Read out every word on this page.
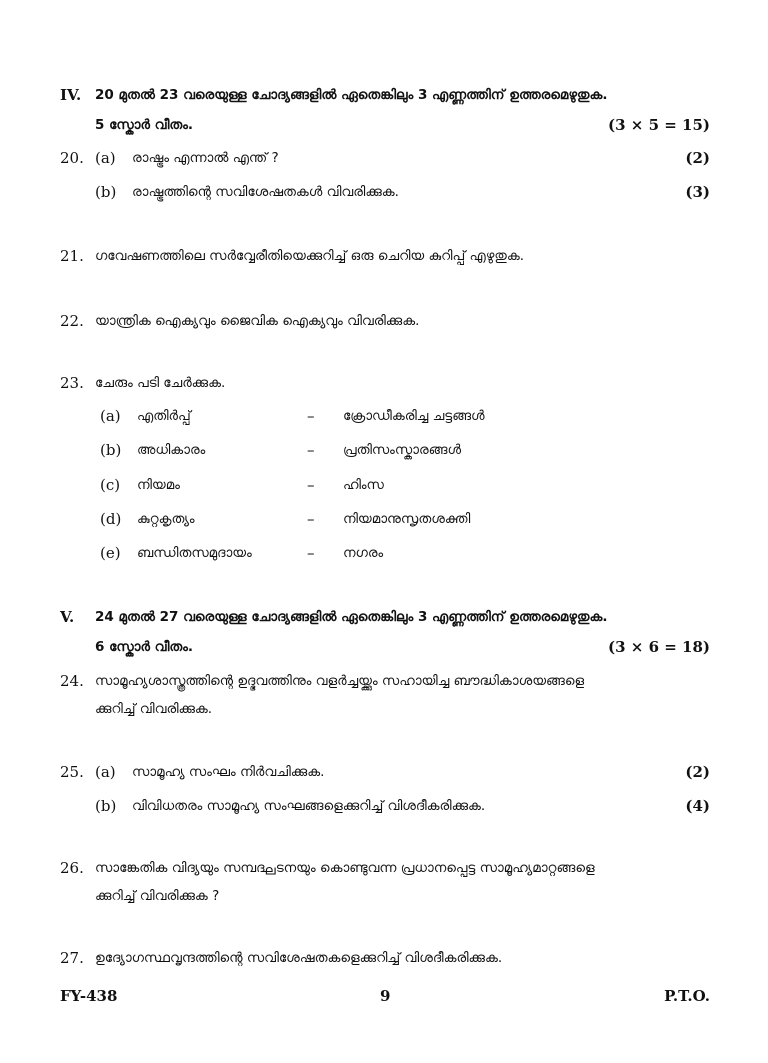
IV. 20 മുതൽ 23 വരെയുള്ള ചോദ്യങ്ങളിൽ ഏതെങ്കിലും 3 എണ്ണത്തിന് ഉത്തരമെഴുതുക.
5 സ്കോർ വീതം.	(3 × 5 = 15)
20. (a) രാഷ്ട്രം എന്നാൽ എന്ത് ?	(2)
(b) രാഷ്ട്രത്തിന്റെ സവിശേഷതകൾ വിവരിക്കുക.	(3)
21. ഗവേഷണത്തിലെ സർവ്വേരീതിയെക്കുറിച്ച് ഒരു ചെറിയ കുറിപ്പ് എഴുതുക.
22. യാന്ത്രിക ഐക്യവും ജൈവിക ഐക്യവും വിവരിക്കുക.
23. ചേരും പടി ചേർക്കുക.
(a) എതിർപ്പ്	– ക്രോഡീകരിച്ച ചട്ടങ്ങൾ
(b) അധികാരം	– പ്രതിസംസ്കാരങ്ങൾ
(c) നിയമം	– ഹിംസ
(d) കുറ്റകൃത്യം	– നിയമാനുസൃതശക്തി
(e) ബന്ധിതസമുദായം	– നഗരം
V. 24 മുതൽ 27 വരെയുള്ള ചോദ്യങ്ങളിൽ ഏതെങ്കിലും 3 എണ്ണത്തിന് ഉത്തരമെഴുതുക.
6 സ്കോർ വീതം.	(3 × 6 = 18)
24. സാമൂഹ്യശാസ്ത്രത്തിന്റെ ഉദ്ഭവത്തിനും വളർച്ചയ്ക്കും സഹായിച്ച ബൗദ്ധികാശയങ്ങളെ
ക്കുറിച്ച് വിവരിക്കുക.
25. (a) സാമൂഹ്യ സംഘം നിർവചിക്കുക.	(2)
(b) വിവിധതരം സാമൂഹ്യ സംഘങ്ങളെക്കുറിച്ച് വിശദീകരിക്കുക.	(4)
26. സാങ്കേതിക വിദ്യയും സമ്പദ്ഘടനയും കൊണ്ടുവന്ന പ്രധാനപ്പെട്ട സാമൂഹ്യമാറ്റങ്ങളെ
ക്കുറിച്ച് വിവരിക്കുക ?
27. ഉദ്യോഗസ്ഥവൃന്ദത്തിന്റെ സവിശേഷതകളെക്കുറിച്ച് വിശദീകരിക്കുക.
FY-438	9	P.T.O.
